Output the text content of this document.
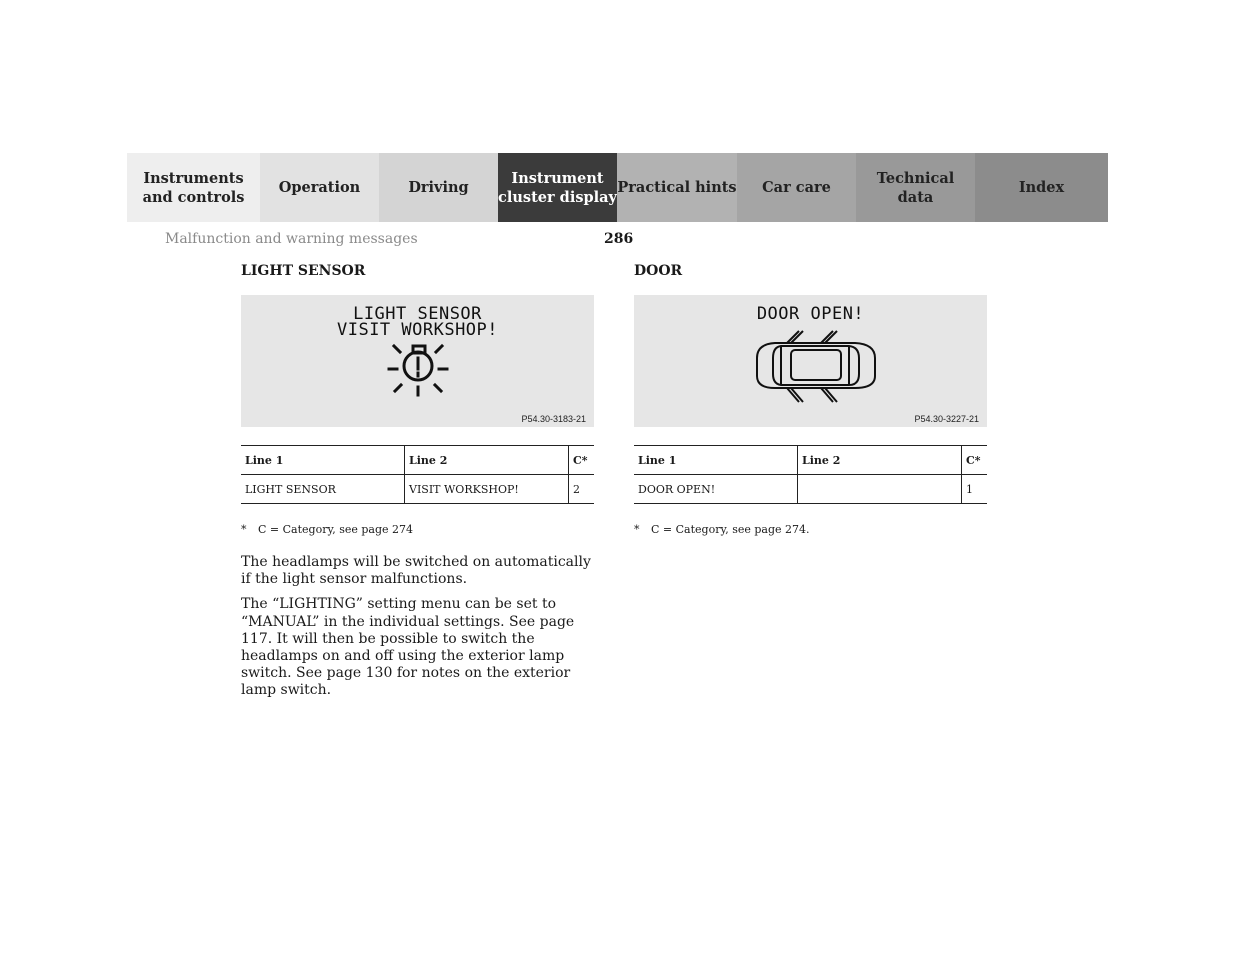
Instruments
and controls
Operation	Driving
Instrument
cluster display
Practical hints	Car care
Technical
data
Index
Malfunction and warning messages	286
LIGHT SENSOR
LIGHT SENSOR
VISIT WORKSHOP!
P54.30-3183-21
Line 1	Line 2	C*
LIGHT SENSOR	VISIT WORKSHOP!	2
* C = Category, see page 274

The headlamps will be switched on automatically if the light sensor malfunctions.

The “LIGHTING” setting menu can be set to “MANUAL” in the individual settings. See page 117. It will then be possible to switch the headlamps on and off using the exterior lamp switch. See page 130 for notes on the exterior lamp switch.

DOOR
DOOR OPEN!
P54.30-3227-21
Line 1	Line 2	C*
DOOR OPEN!		1
* C = Category, see page 274.
